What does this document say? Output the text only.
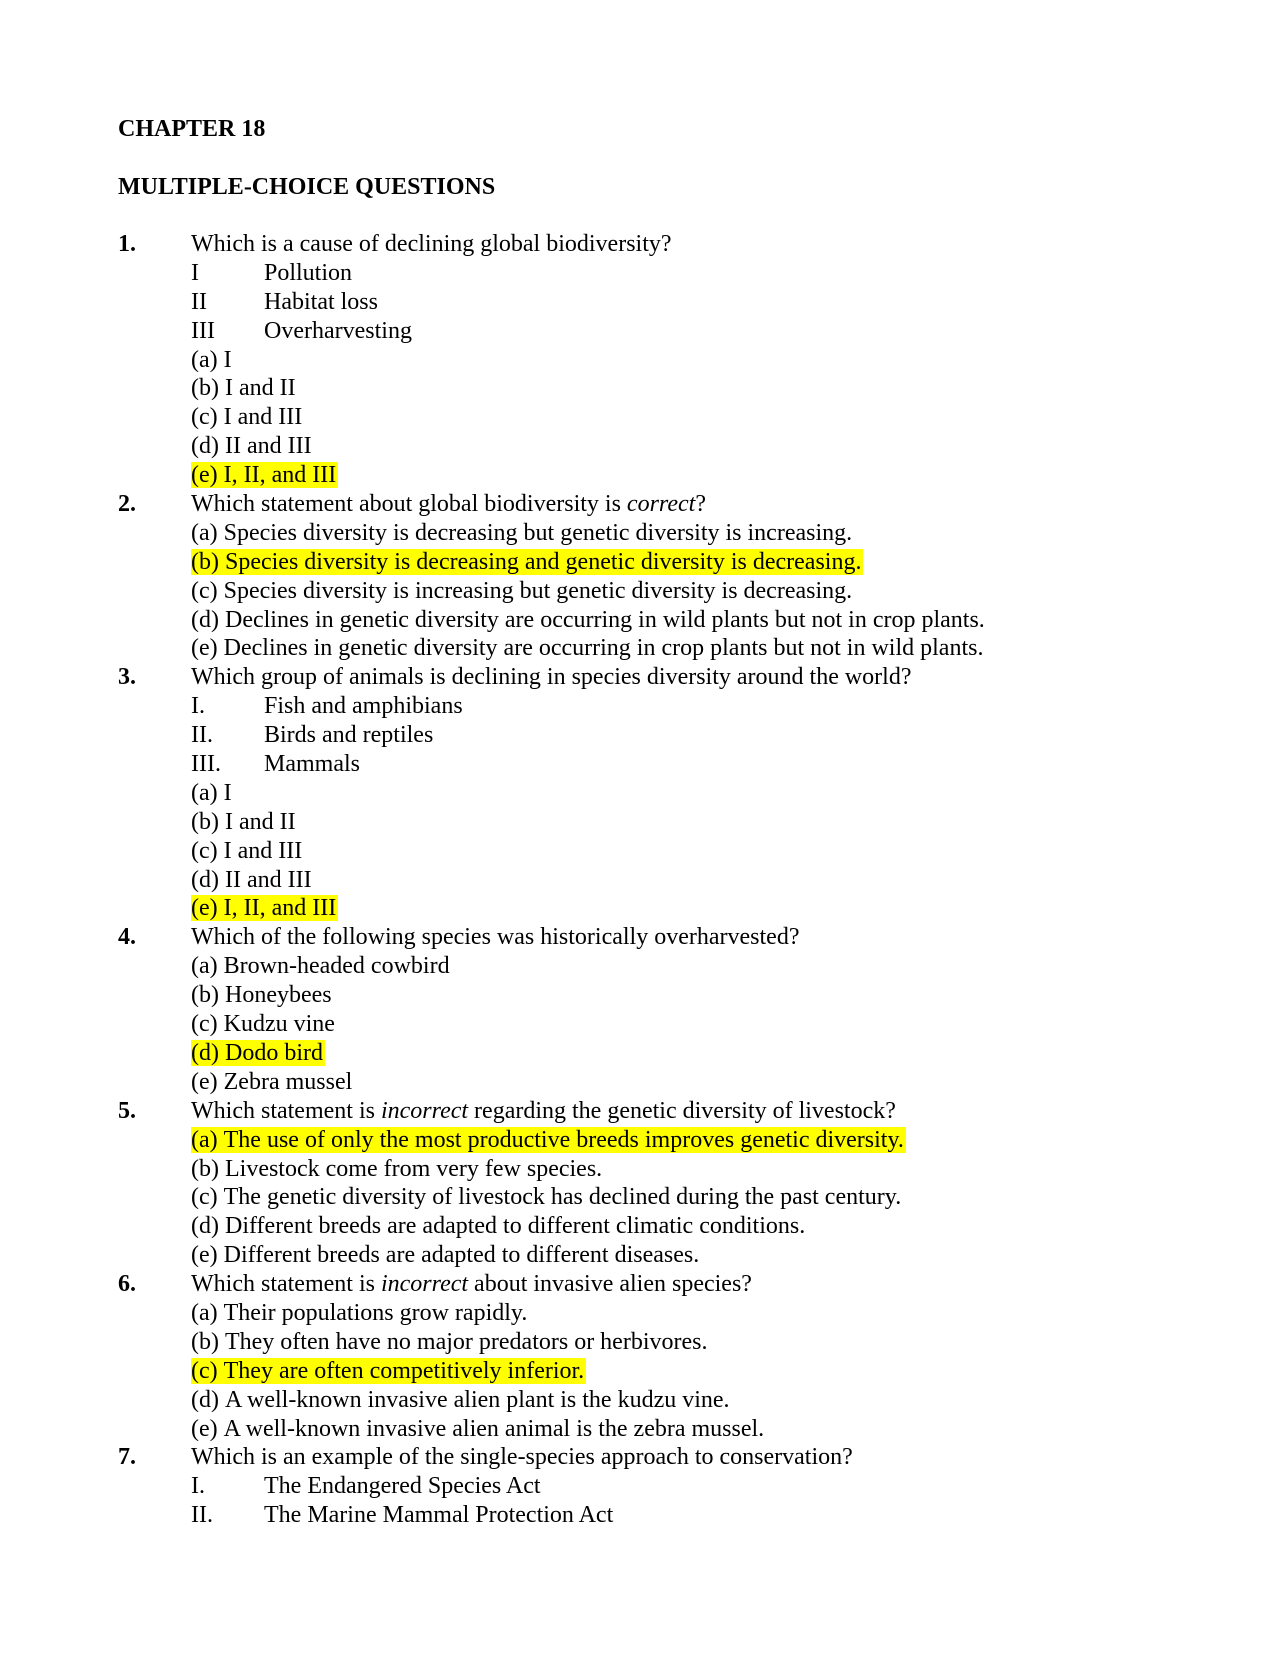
CHAPTER 18
MULTIPLE-CHOICE QUESTIONS
1. Which is a cause of declining global biodiversity?
I	Pollution
II	Habitat loss
III	Overharvesting
(a) I
(b) I and II
(c) I and III
(d) II and III
(e) I, II, and III
2. Which statement about global biodiversity is correct?
(a) Species diversity is decreasing but genetic diversity is increasing.
(b) Species diversity is decreasing and genetic diversity is decreasing.
(c) Species diversity is increasing but genetic diversity is decreasing.
(d) Declines in genetic diversity are occurring in wild plants but not in crop plants.
(e) Declines in genetic diversity are occurring in crop plants but not in wild plants.
3. Which group of animals is declining in species diversity around the world?
I.	Fish and amphibians
II.	Birds and reptiles
III.	Mammals
(a) I
(b) I and II
(c) I and III
(d) II and III
(e) I, II, and III
4. Which of the following species was historically overharvested?
(a) Brown-headed cowbird
(b) Honeybees
(c) Kudzu vine
(d) Dodo bird
(e) Zebra mussel
5. Which statement is incorrect regarding the genetic diversity of livestock?
(a) The use of only the most productive breeds improves genetic diversity.
(b) Livestock come from very few species.
(c) The genetic diversity of livestock has declined during the past century.
(d) Different breeds are adapted to different climatic conditions.
(e) Different breeds are adapted to different diseases.
6. Which statement is incorrect about invasive alien species?
(a) Their populations grow rapidly.
(b) They often have no major predators or herbivores.
(c) They are often competitively inferior.
(d) A well-known invasive alien plant is the kudzu vine.
(e) A well-known invasive alien animal is the zebra mussel.
7. Which is an example of the single-species approach to conservation?
I.	The Endangered Species Act
II.	The Marine Mammal Protection Act
